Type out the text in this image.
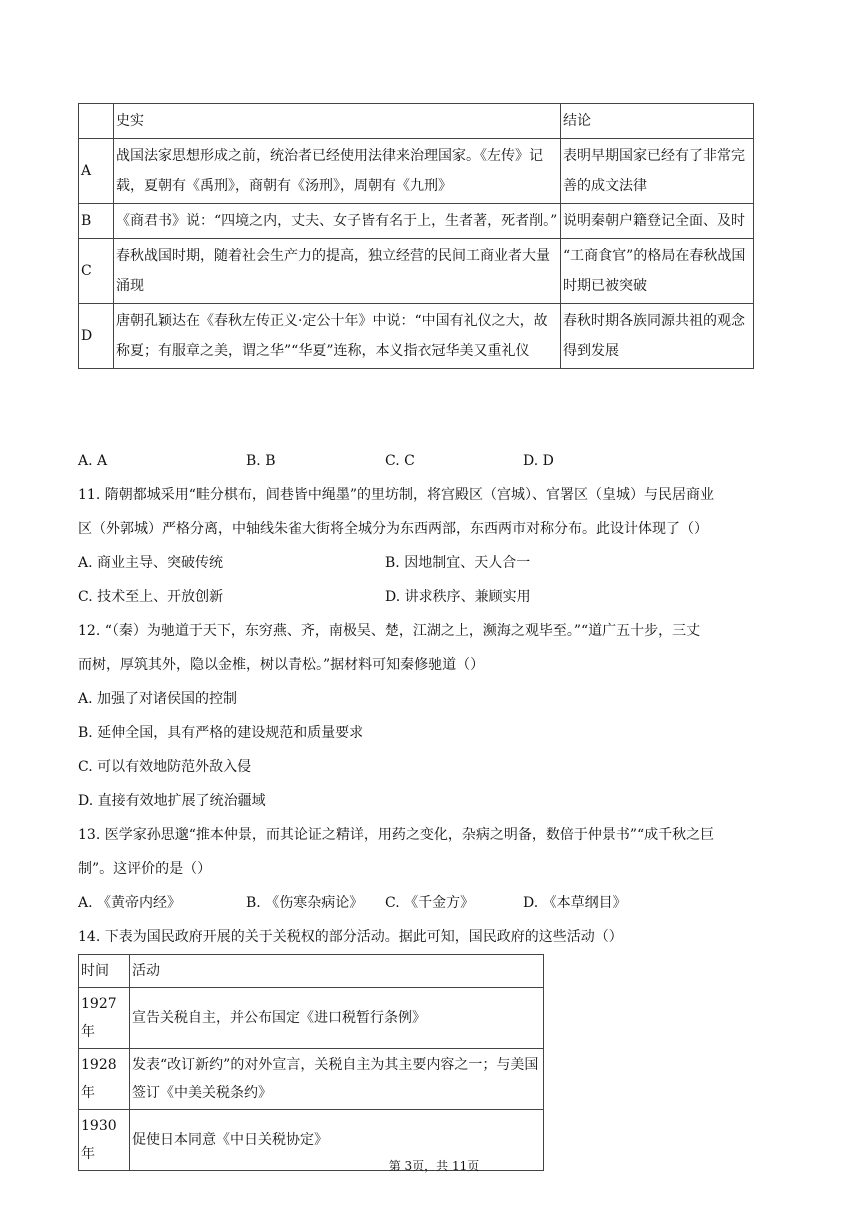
	史实	结论
A	战国法家思想形成之前，统治者已经使用法律来治理国家。《左传》记载，夏朝有《禹刑》，商朝有《汤刑》，周朝有《九刑》	表明早期国家已经有了非常完善的成文法律
B	《商君书》说：“四境之内，丈夫、女子皆有名于上，生者著，死者削。”	说明秦朝户籍登记全面、及时
C	春秋战国时期，随着社会生产力的提高，独立经营的民间工商业者大量涌现	“工商食官”的格局在春秋战国时期已被突破
D	唐朝孔颖达在《春秋左传正义·定公十年》中说：“中国有礼仪之大，故称夏；有服章之美，谓之华”“华夏”连称，本义指衣冠华美又重礼仪	春秋时期各族同源共祖的观念得到发展
A. A	B. B	C. C	D. D
11. 隋朝都城采用“畦分棋布，闾巷皆中绳墨”的里坊制，将宫殿区（宫城）、官署区（皇城）与民居商业
区（外郭城）严格分离，中轴线朱雀大街将全城分为东西两部，东西两市对称分布。此设计体现了（）
A. 商业主导、突破传统	B. 因地制宜、天人合一
C. 技术至上、开放创新	D. 讲求秩序、兼顾实用
12. “（秦）为驰道于天下，东穷燕、齐，南极吴、楚，江湖之上，濒海之观毕至。”“道广五十步，三丈
而树，厚筑其外，隐以金椎，树以青松。”据材料可知秦修驰道（）
A. 加强了对诸侯国的控制
B. 延伸全国，具有严格的建设规范和质量要求
C. 可以有效地防范外敌入侵
D. 直接有效地扩展了统治疆域
13. 医学家孙思邈“推本仲景，而其论证之精详，用药之变化，杂病之明备，数倍于仲景书”“成千秋之巨
制”。这评价的是（）
A. 《黄帝内经》	B. 《伤寒杂病论》 C. 《千金方》	D. 《本草纲目》
14. 下表为国民政府开展的关于关税权的部分活动。据此可知，国民政府的这些活动（）
时间	活动
1927 年	宣告关税自主，并公布国定《进口税暂行条例》
1928 年	发表“改订新约”的对外宣言，关税自主为其主要内容之一；与美国签订《中美关税条约》
1930 年	促使日本同意《中日关税协定》
第 3页，共 11页
